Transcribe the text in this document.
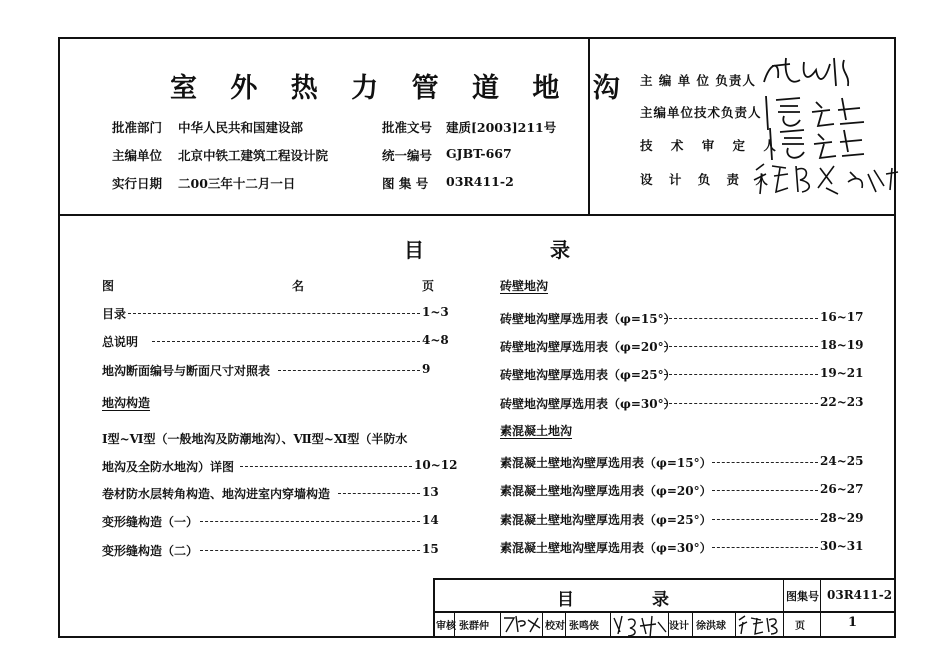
室 外 热 力 管 道 地 沟
批准部门 中华人民共和国建设部
主编单位 北京中铁工建筑工程设计院
实行日期 二00三年十二月一日
批准文号 建质[2003]211号
统一编号 GJBT-667
图 集 号 03R411-2
主 编 单 位 负责人
主编单位技术负责人
技 术 审 定 人
设 计 负 责 人
目	录
图	名	页
目录	1~3
总说明	4~8
地沟断面编号与断面尺寸对照表	9
地沟构造
Ⅰ型~Ⅵ型（一般地沟及防潮地沟）、Ⅶ型~Ⅺ型（半防水
地沟及全防水地沟）详图	10~12
卷材防水层转角构造、地沟进室内穿墙构造	13
变形缝构造（一）	14
变形缝构造（二）	15
砖壁地沟
砖壁地沟壁厚选用表（φ=15°）	16~17
砖壁地沟壁厚选用表（φ=20°）	18~19
砖壁地沟壁厚选用表（φ=25°）	19~21
砖壁地沟壁厚选用表（φ=30°）	22~23
素混凝土地沟
素混凝土壁地沟壁厚选用表（φ=15°）	24~25
素混凝土壁地沟壁厚选用表（φ=20°）	26~27
素混凝土壁地沟壁厚选用表（φ=25°）	28~29
素混凝土壁地沟壁厚选用表（φ=30°）	30~31
目	录	图集号 03R411-2
审核 张群仲	校对 张鸣侠	设计 徐洪球	页	1
